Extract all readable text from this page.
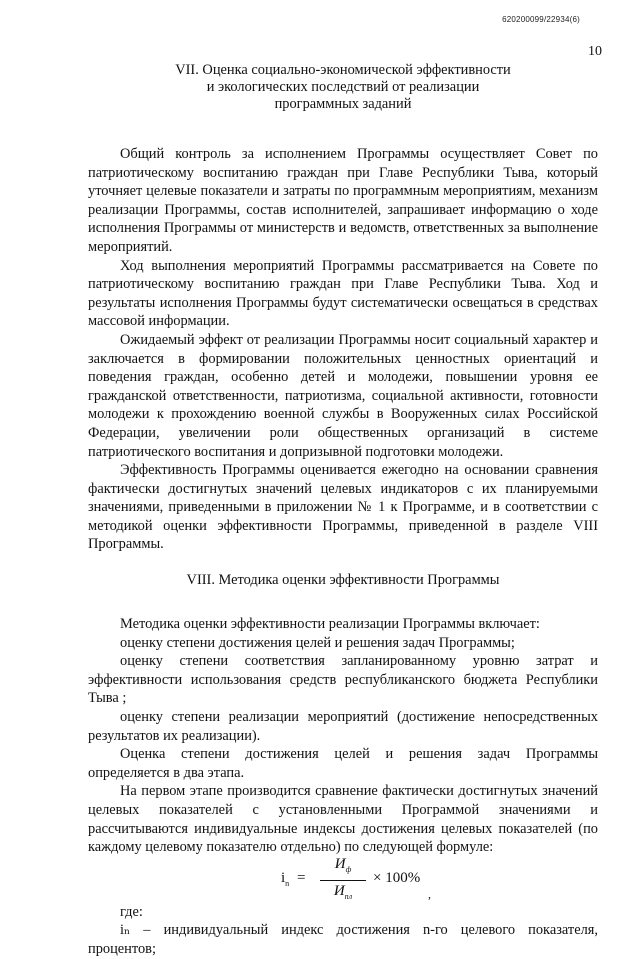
620200099/22934(6)
10
VII. Оценка социально-экономической эффективности
и экологических последствий от реализации
программных заданий

Общий контроль за исполнением Программы осуществляет Совет по патриотическому воспитанию граждан при Главе Республики Тыва, который уточняет целевые показатели и затраты по программным мероприятиям, механизм реализации Программы, состав исполнителей, запрашивает информацию о ходе исполнения Программы от министерств и ведомств, ответственных за выполнение мероприятий.

Ход выполнения мероприятий Программы рассматривается на Совете по патриотическому воспитанию граждан при Главе Республики Тыва. Ход и результаты исполнения Программы будут систематически освещаться в средствах массовой информации.

Ожидаемый эффект от реализации Программы носит социальный характер и заключается в формировании положительных ценностных ориентаций и поведения граждан, особенно детей и молодежи, повышении уровня ее гражданской ответственности, патриотизма, социальной активности, готовности молодежи к прохождению военной службы в Вооруженных силах Российской Федерации, увеличении роли общественных организаций в системе патриотического воспитания и допризывной подготовки молодежи.

Эффективность Программы оценивается ежегодно на основании сравнения фактически достигнутых значений целевых индикаторов с их планируемыми значениями, приведенными в приложении № 1 к Программе, и в соответствии с методикой оценки эффективности Программы, приведенной в разделе VIII Программы.

VIII. Методика оценки эффективности Программы

Методика оценки эффективности реализации Программы включает:

оценку степени достижения целей и решения задач Программы;

оценку степени соответствия запланированному уровню затрат и эффективности использования средств республиканского бюджета Республики Тыва ;

оценку степени реализации мероприятий (достижение непосредственных результатов их реализации).

Оценка степени достижения целей и решения задач Программы определяется в два этапа.

На первом этапе производится сравнение фактически достигнутых значений целевых показателей с установленными Программой значениями и рассчитываются индивидуальные индексы достижения целевых показателей (по каждому целевому показателю отдельно) по следующей формуле:

$i_n$ =
$И_ф$
$И_{пл}$
× 100%
,

где:

iₙ – индивидуальный индекс достижения n-го целевого показателя, процентов;
